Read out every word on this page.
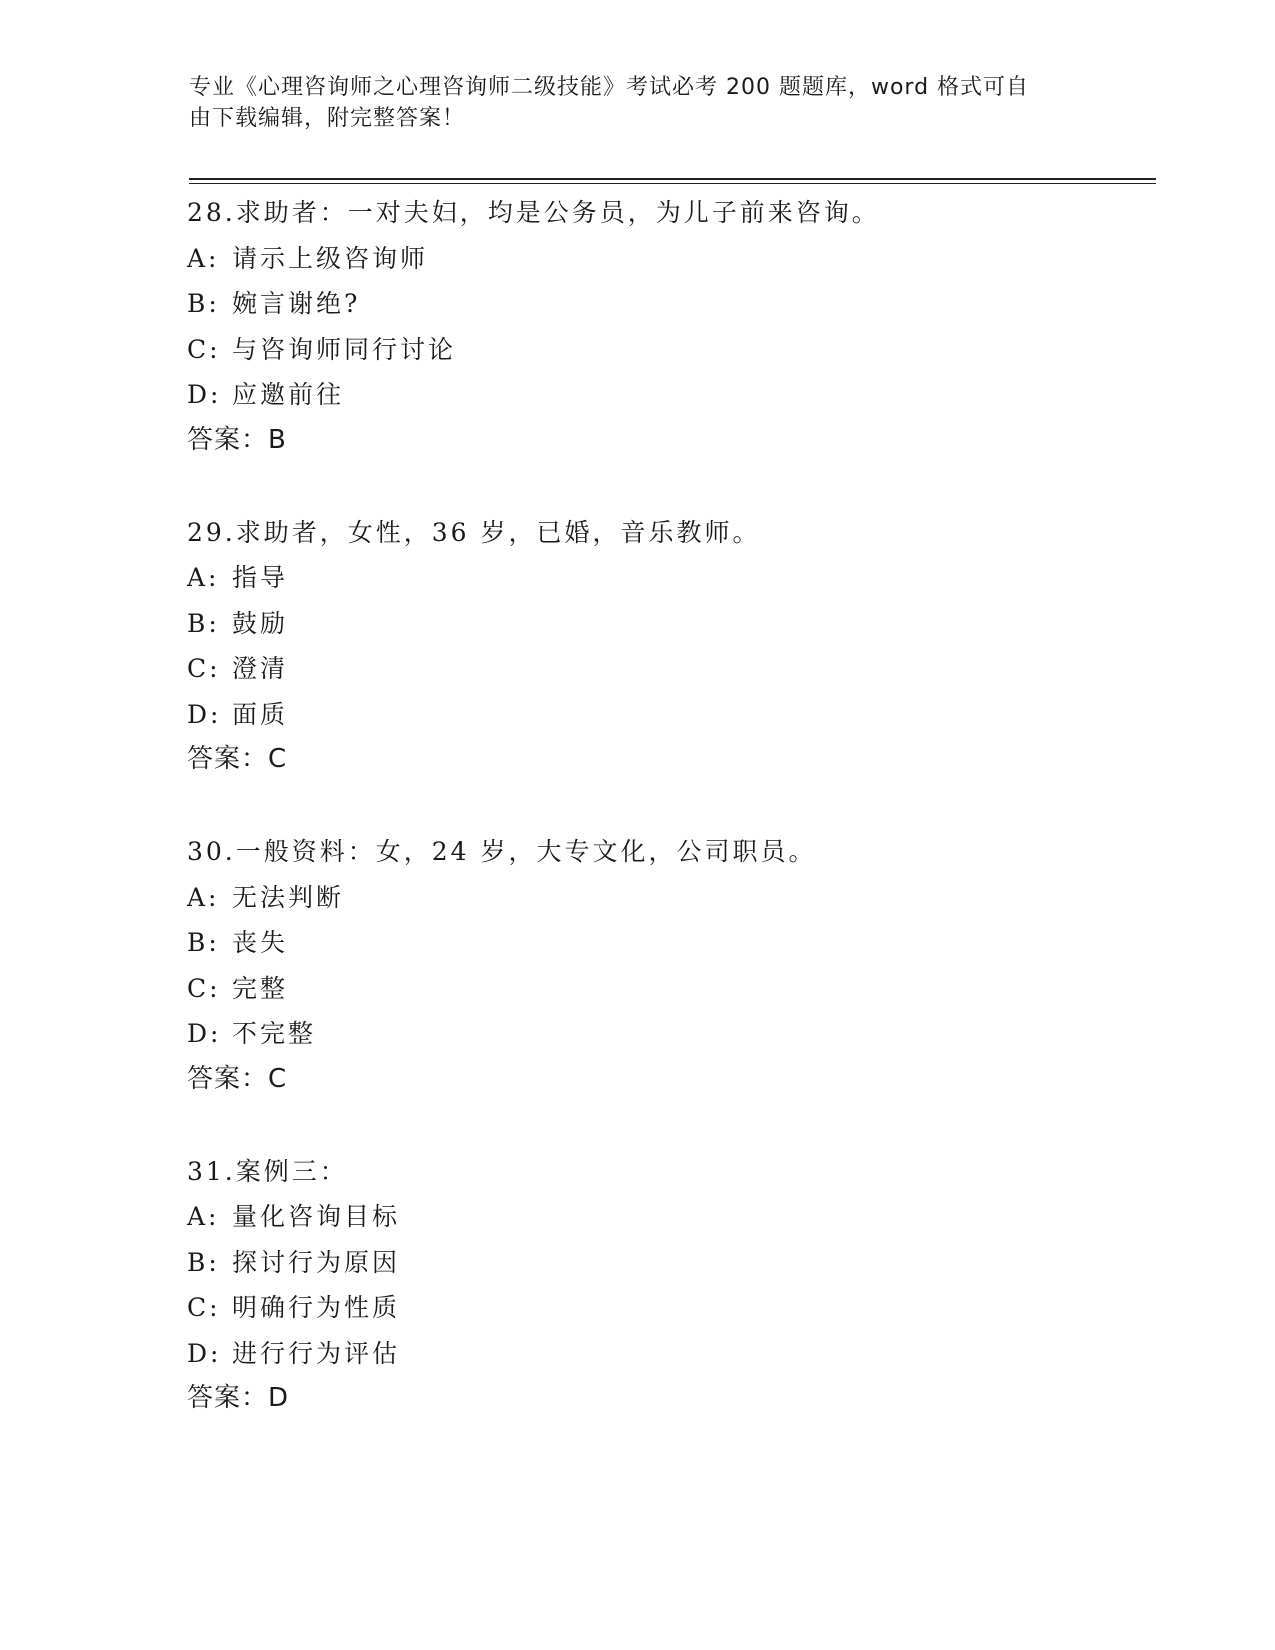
专业《心理咨询师之心理咨询师二级技能》考试必考 200 题题库，word 格式可自
由下载编辑，附完整答案！
28.求助者：一对夫妇，均是公务员，为儿子前来咨询。
A: 请示上级咨询师
B: 婉言谢绝?
C: 与咨询师同行讨论
D: 应邀前往
答案：B
29.求助者，女性，36 岁，已婚，音乐教师。
A: 指导
B: 鼓励
C: 澄清
D: 面质
答案：C
30.一般资料：女，24 岁，大专文化，公司职员。
A: 无法判断
B: 丧失
C: 完整
D: 不完整
答案：C
31.案例三：
A: 量化咨询目标
B: 探讨行为原因
C: 明确行为性质
D: 进行行为评估
答案：D
